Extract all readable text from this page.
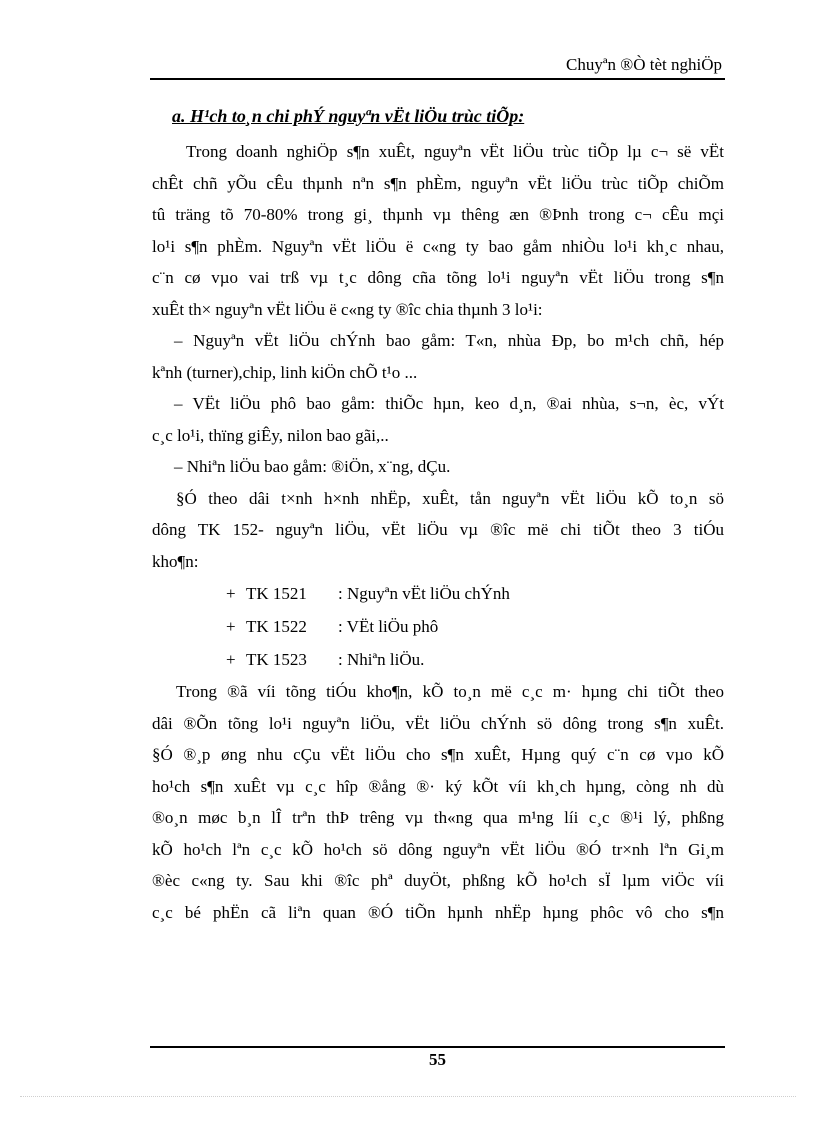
Chuyªn ®Ò tèt nghiÖp
a. H¹ch to¸n chi phÝ nguyªn vËt liÖu trùc tiÕp:
Trong doanh nghiÖp s¶n xuÊt, nguyªn vËt liÖu trùc tiÕp lµ c¬ së vËt
chÊt chñ yÕu cÊu thµnh nªn s¶n phÈm, nguyªn vËt liÖu trùc tiÕp chiÕm
tû träng tõ 70-80% trong gi¸ thµnh vµ thêng æn ®Þnh trong c¬ cÊu mçi
lo¹i s¶n phÈm. Nguyªn vËt liÖu ë c«ng ty bao gåm nhiÒu lo¹i kh¸c nhau,
c¨n cø vµo vai trß vµ t¸c dông cña tõng lo¹i nguyªn vËt liÖu trong s¶n
xuÊt th× nguyªn vËt liÖu ë c«ng ty ®îc chia thµnh 3 lo¹i:
– Nguyªn vËt liÖu chÝnh bao gåm: T«n, nhùa Ðp, bo m¹ch chñ, hép
kªnh (turner),chip, linh kiÖn chÕ t¹o ...
– VËt liÖu phô bao gåm: thiÕc hµn, keo d¸n, ®ai nhùa, s¬n, èc, vÝt
c¸c lo¹i, thïng giÊy, nilon bao gãi,..
– Nhiªn liÖu bao gåm: ®iÖn, x¨ng, dÇu.
§Ó theo dâi t×nh h×nh nhËp, xuÊt, tån nguyªn vËt liÖu kÕ to¸n sö
dông TK 152- nguyªn liÖu, vËt liÖu vµ ®îc më chi tiÕt theo 3 tiÓu
kho¶n:
+ TK 1521 : Nguyªn vËt liÖu chÝnh
+ TK 1522 : VËt liÖu phô
+ TK 1523 : Nhiªn liÖu.
Trong ®ã víi tõng tiÓu kho¶n, kÕ to¸n më c¸c m· hµng chi tiÕt theo
dâi ®Õn tõng lo¹i nguyªn liÖu, vËt liÖu chÝnh sö dông trong s¶n xuÊt.
§Ó ®¸p øng nhu cÇu vËt liÖu cho s¶n xuÊt, Hµng quý c¨n cø vµo kÕ
ho¹ch s¶n xuÊt vµ c¸c hîp ®ång ®· ký kÕt víi kh¸ch hµng, còng nh dù
®o¸n møc b¸n lÎ trªn thÞ trêng vµ th«ng qua m¹ng líi c¸c ®¹i lý, phßng
kÕ ho¹ch lªn c¸c kÕ ho¹ch sö dông nguyªn vËt liÖu ®Ó tr×nh lªn Gi¸m
®èc c«ng ty. Sau khi ®îc phª duyÖt, phßng kÕ ho¹ch sÏ lµm viÖc víi
c¸c bé phËn cã liªn quan ®Ó tiÕn hµnh nhËp hµng phôc vô cho s¶n
55
